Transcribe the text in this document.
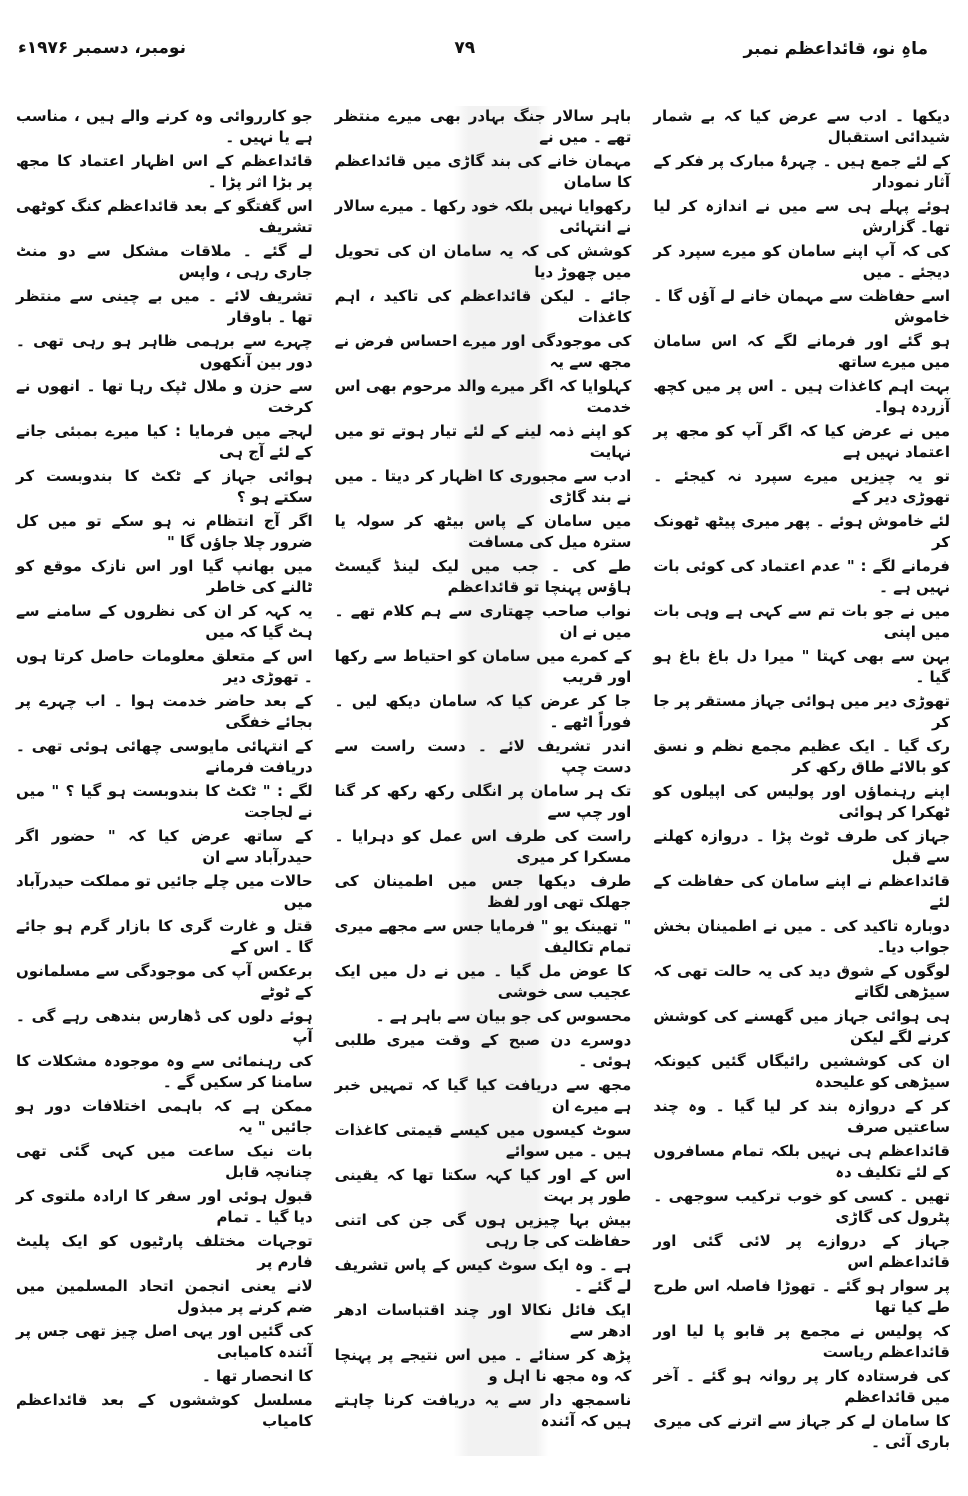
ماہِ نو، قائداعظم نمبر
۷۹
نومبر، دسمبر ۱۹۷۶ء
دیکھا ۔ ادب سے عرض کیا کہ بے شمار شیدائی استقبال
کے لئے جمع ہیں ۔ چہرۂ مبارک پر فکر کے آثار نمودار
ہوئے پہلے ہی سے میں نے اندازہ کر لیا تھا۔ گزارش
کی کہ آپ اپنے سامان کو میرے سپرد کر دیجئے ۔ میں
اسے حفاظت سے مہمان خانے لے آؤں گا ۔ خاموش
ہو گئے اور فرمانے لگے کہ اس سامان میں میرے ساتھ
بہت اہم کاغذات ہیں ۔ اس پر میں کچھ آزردہ ہوا۔
میں نے عرض کیا کہ اگر آپ کو مجھ پر اعتماد نہیں ہے
تو یہ چیزیں میرے سپرد نہ کیجئے ۔ تھوڑی دیر کے
لئے خاموش ہوئے ۔ پھر میری پیٹھ ٹھونک کر
فرمانے لگے : " عدم اعتماد کی کوئی بات نہیں ہے ۔
میں نے جو بات تم سے کہی ہے وہی بات میں اپنی
بہن سے بھی کہتا " میرا دل باغ باغ ہو گیا ۔
تھوڑی دیر میں ہوائی جہاز مستقر پر جا کر
رک گیا ۔ ایک عظیم مجمع نظم و نسق کو بالائے طاق رکھ کر
اپنے رہنماؤں اور پولیس کی اپیلوں کو ٹھکرا کر ہوائی
جہاز کی طرف ٹوٹ پڑا ۔ دروازہ کھلنے سے قبل
قائداعظم نے اپنے سامان کی حفاظت کے لئے
دوبارہ تاکید کی ۔ میں نے اطمینان بخش جواب دیا۔
لوگوں کے شوق دید کی یہ حالت تھی کہ سیڑھی لگاتے
ہی ہوائی جہاز میں گھسنے کی کوشش کرنے لگے لیکن
ان کی کوششیں رائیگاں گئیں کیونکہ سیڑھی کو علیحدہ
کر کے دروازہ بند کر لیا گیا ۔ وہ چند ساعتیں صرف
قائداعظم ہی نہیں بلکہ تمام مسافروں کے لئے تکلیف دہ
تھیں ۔ کسی کو خوب ترکیب سوجھی ۔ پٹرول کی گاڑی
جہاز کے دروازے پر لائی گئی اور قائداعظم اس
پر سوار ہو گئے ۔ تھوڑا فاصلہ اس طرح طے کیا تھا
کہ پولیس نے مجمع پر قابو پا لیا اور قائداعظم ریاست
کی فرستادہ کار پر روانہ ہو گئے ۔ آخر میں قائداعظم
کا سامان لے کر جہاز سے اترنے کی میری باری آئی ۔
باہر سالار جنگ بہادر بھی میرے منتظر تھے ۔ میں نے
مہمان خانے کی بند گاڑی میں قائداعظم کا سامان
رکھوایا نہیں بلکہ خود رکھا ۔ میرے سالار نے انتہائی
کوشش کی کہ یہ سامان ان کی تحویل میں چھوڑ دیا
جائے ۔ لیکن قائداعظم کی تاکید ، اہم کاغذات
کی موجودگی اور میرے احساس فرض نے مجھ سے یہ
کہلوایا کہ اگر میرے والد مرحوم بھی اس خدمت
کو اپنے ذمہ لینے کے لئے تیار ہوتے تو میں نہایت
ادب سے مجبوری کا اظہار کر دیتا ۔ میں نے بند گاڑی
میں سامان کے پاس بیٹھ کر سولہ یا سترہ میل کی مسافت
طے کی ۔ جب میں لیک لینڈ گیسٹ ہاؤس پہنچا تو قائداعظم
نواب صاحب چھتاری سے ہم کلام تھے ۔ میں نے ان
کے کمرے میں سامان کو احتیاط سے رکھا اور قریب
جا کر عرض کیا کہ سامان دیکھ لیں ۔ فوراً اٹھے ۔
اندر تشریف لائے ۔ دست راست سے دست چپ
تک ہر سامان پر انگلی رکھ رکھ کر گنا اور چپ سے
راست کی طرف اس عمل کو دہرایا ۔ مسکرا کر میری
طرف دیکھا جس میں اطمینان کی جھلک تھی اور لفظ
" تھینک یو " فرمایا جس سے مجھے میری تمام تکالیف
کا عوض مل گیا ۔ میں نے دل میں ایک عجیب سی خوشی
محسوس کی جو بیان سے باہر ہے ۔
دوسرے دن صبح کے وقت میری طلبی ہوئی ۔
مجھ سے دریافت کیا گیا کہ تمہیں خبر ہے میرے ان
سوٹ کیسوں میں کیسے قیمتی کاغذات ہیں ۔ میں سوائے
اس کے اور کیا کہہ سکتا تھا کہ یقینی طور پر بہت
بیش بہا چیزیں ہوں گی جن کی اتنی حفاظت کی جا رہی
ہے ۔ وہ ایک سوٹ کیس کے پاس تشریف لے گئے ۔
ایک فائل نکالا اور چند اقتباسات ادھر ادھر سے
پڑھ کر سنائے ۔ میں اس نتیجے پر پہنچا کہ وہ مجھ نا اہل و
ناسمجھ دار سے یہ دریافت کرنا چاہتے ہیں کہ آئندہ
جو کارروائی وہ کرنے والے ہیں ، مناسب ہے یا نہیں ۔
قائداعظم کے اس اظہار اعتماد کا مجھ پر بڑا اثر پڑا ۔
اس گفتگو کے بعد قائداعظم کنگ کوٹھی تشریف
لے گئے ۔ ملاقات مشکل سے دو منٹ جاری رہی ، واپس
تشریف لائے ۔ میں بے چینی سے منتظر تھا ۔ باوقار
چہرے سے برہمی ظاہر ہو رہی تھی ۔ دور بین آنکھوں
سے حزن و ملال ٹپک رہا تھا ۔ انھوں نے کرخت
لہجے میں فرمایا : کیا میرے بمبئی جانے کے لئے آج ہی
ہوائی جہاز کے ٹکٹ کا بندوبست کر سکتے ہو ؟
اگر آج انتظام نہ ہو سکے تو میں کل ضرور چلا جاؤں گا "
میں بھانپ گیا اور اس نازک موقع کو ٹالنے کی خاطر
یہ کہہ کر ان کی نظروں کے سامنے سے ہٹ گیا کہ میں
اس کے متعلق معلومات حاصل کرتا ہوں ۔ تھوڑی دیر
کے بعد حاضر خدمت ہوا ۔ اب چہرے پر بجائے خفگی
کے انتہائی مایوسی چھائی ہوئی تھی ۔ دریافت فرمانے
لگے : " ٹکٹ کا بندوبست ہو گیا ؟ " میں نے لجاجت
کے ساتھ عرض کیا کہ " حضور اگر حیدرآباد سے ان
حالات میں چلے جائیں تو مملکت حیدرآباد میں
قتل و غارت گری کا بازار گرم ہو جائے گا ۔ اس کے
برعکس آپ کی موجودگی سے مسلمانوں کے ٹوٹے
ہوئے دلوں کی ڈھارس بندھی رہے گی ۔ آپ
کی رہنمائی سے وہ موجودہ مشکلات کا سامنا کر سکیں گے ۔
ممکن ہے کہ باہمی اختلافات دور ہو جائیں " یہ
بات نیک ساعت میں کہی گئی تھی چنانچہ قابل
قبول ہوئی اور سفر کا ارادہ ملتوی کر دیا گیا ۔ تمام
توجہات مختلف پارٹیوں کو ایک پلیٹ فارم پر
لانے یعنی انجمن اتحاد المسلمین میں ضم کرنے پر مبذول
کی گئیں اور یہی اصل چیز تھی جس پر آئندہ کامیابی
کا انحصار تھا ۔
مسلسل کوششوں کے بعد قائداعظم کامیاب
